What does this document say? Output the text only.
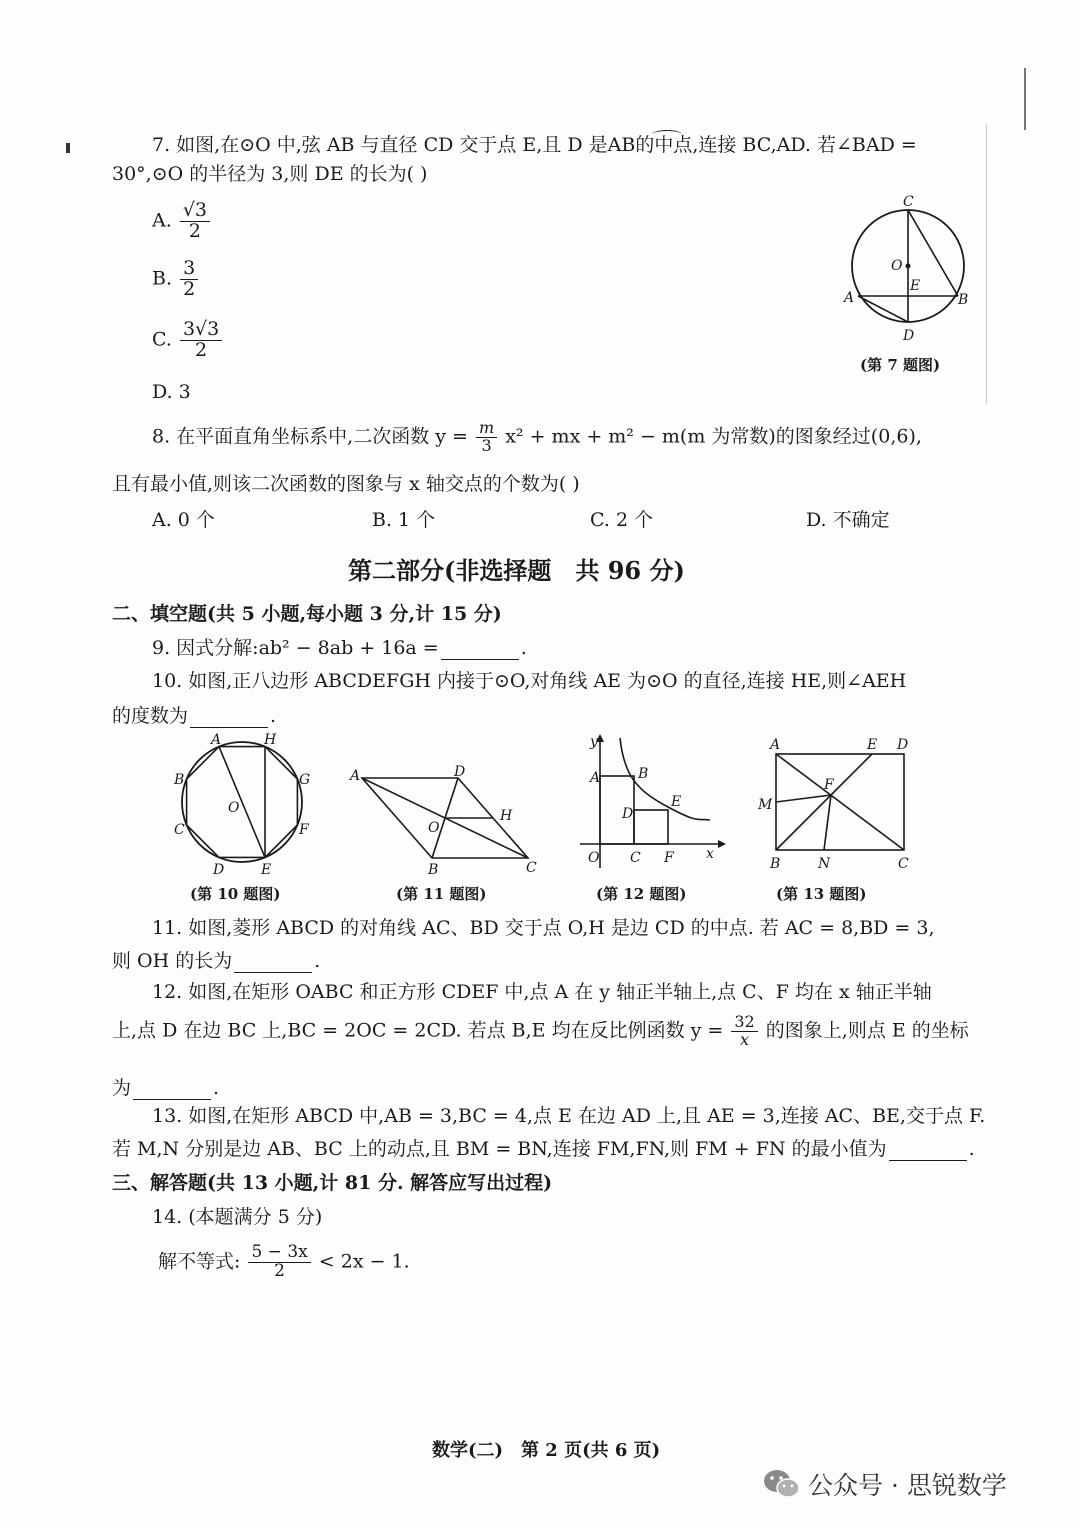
7. 如图,在⊙O 中,弦 AB 与直径 CD 交于点 E,且 D 是AB的中点,连接 BC,AD. 若∠BAD =
30°,⊙O 的半径为 3,则 DE 的长为( )
A. $\frac{√3}{2}$
B. $\frac{3}{2}$
C. $\frac{3√3}{2}$
D. 3
C
O
E
A	B
D
(第 7 题图)
8. 在平面直角坐标系中,二次函数 $y = \frac{m}{3} x^2$ + mx + m² − m(m 为常数)的图象经过(0,6),
且有最小值,则该二次函数的图象与 x 轴交点的个数为( )
A. 0 个	B. 1 个	C. 2 个	D. 不确定
第二部分(非选择题　共 96 分)
二、填空题(共 5 小题,每小题 3 分,计 15 分)
9. 因式分解:ab² − 8ab + 16a =	.
10. 如图,正八边形 ABCDEFGH 内接于⊙O,对角线 AE 为⊙O 的直径,连接 HE,则∠AEH
的度数为	.
A	H
B	G
O
C	F
D	E
A	D
O
H
B	C
y
A	B
D
E
O C F x
A	E D
F
M
B	N	C
(第 10 题图)	(第 11 题图)	(第 12 题图)	(第 13 题图)
11. 如图,菱形 ABCD 的对角线 AC、BD 交于点 O,H 是边 CD 的中点. 若 AC = 8,BD = 3,
则 OH 的长为	.
12. 如图,在矩形 OABC 和正方形 CDEF 中,点 A 在 y 轴正半轴上,点 C、F 均在 x 轴正半轴
上,点 D 在边 BC 上,BC = 2OC = 2CD. 若点 B,E 均在反比例函数 $y = \frac{32}{x}$ 的图象上,则点 E 的坐标
为	.
13. 如图,在矩形 ABCD 中,AB = 3,BC = 4,点 E 在边 AD 上,且 AE = 3,连接 AC、BE,交于点 F.
若 M,N 分别是边 AB、BC 上的动点,且 BM = BN,连接 FM,FN,则 FM + FN 的最小值为	.
三、解答题(共 13 小题,计 81 分. 解答应写出过程)
14. (本题满分 5 分)
解不等式: $\frac{5 - 3x}{2} < 2x - 1$.
数学(二)　第 2 页(共 6 页)
公众号 · 思锐数学
